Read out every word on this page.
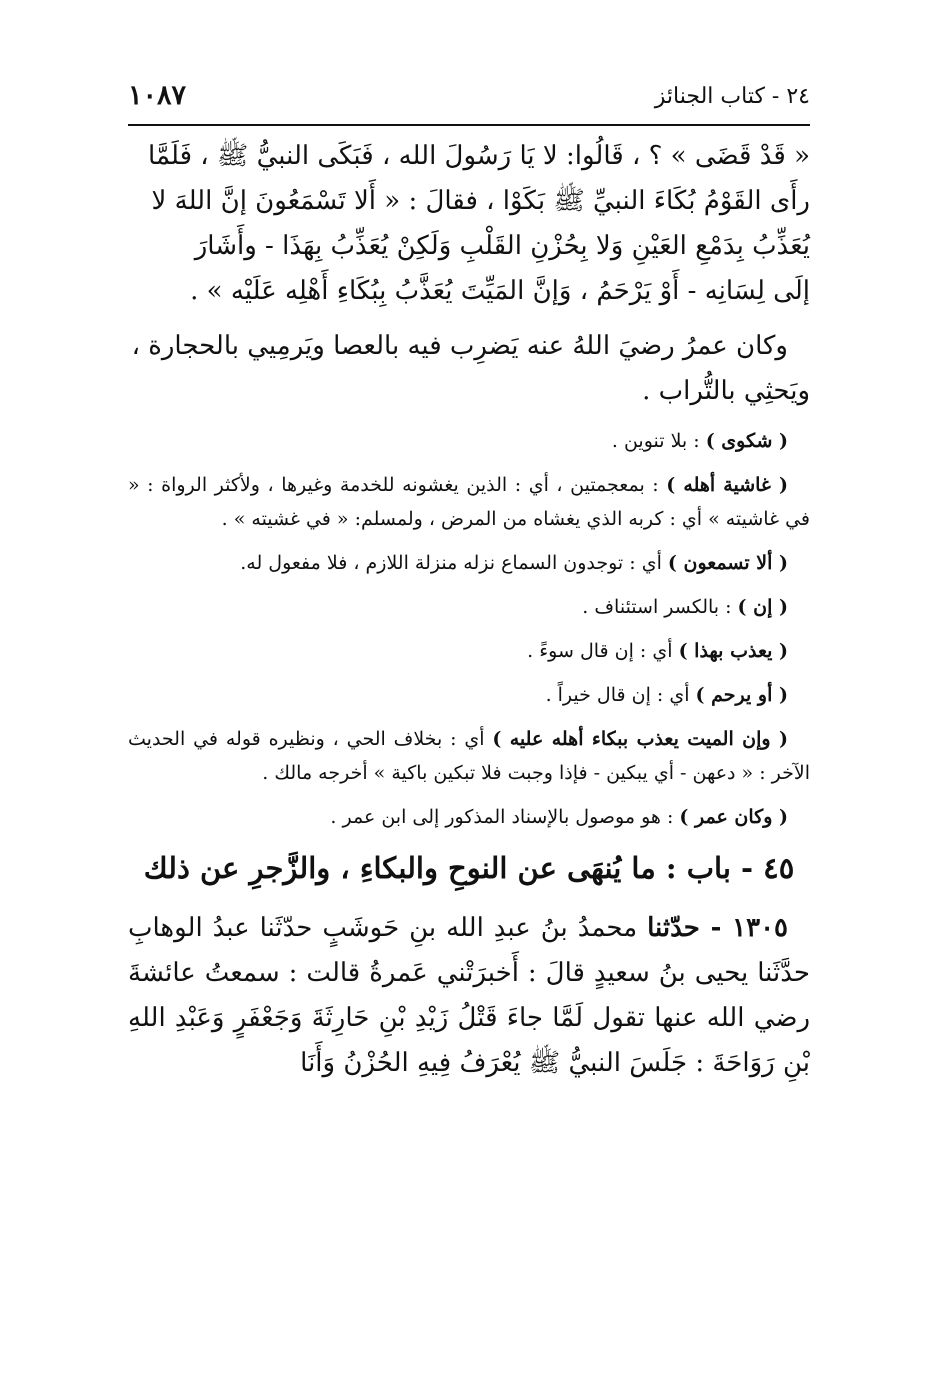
٢٤ - كتاب الجنائز
١٠٨٧

« قَدْ قَضَى » ؟ ، قَالُوا: لا يَا رَسُولَ الله ، فَبَكَى النبيُّ ﷺ ، فَلَمَّا

رأَى القَوْمُ بُكَاءَ النبيِّ ﷺ بَكَوْا ، فقالَ : « أَلا تَسْمَعُونَ إنَّ اللهَ لا

يُعَذِّبُ بِدَمْعِ العَيْنِ وَلا بِحُزْنِ القَلْبِ وَلَكِنْ يُعَذِّبُ بِهَذَا - وأَشَارَ

إلَى لِسَانِه - أَوْ يَرْحَمُ ، وَإنَّ المَيِّتَ يُعَذَّبُ بِبُكَاءِ أَهْلِه عَلَيْه » .

وكان عمرُ رضيَ اللهُ عنه يَضرِب فيه بالعصا ويَرمِيي بالحجارة ،

ويَحثِي بالتُّراب .

( شكوى ) : بلا تنوين .

( غاشية أهله ) : بمعجمتين ، أي : الذين يغشونه للخدمة وغيرها ، ولأكثر الرواة : « في غاشيته » أي : كربه الذي يغشاه من المرض ، ولمسلم: « في غشيته » .

( ألا تسمعون ) أي : توجدون السماع نزله منزلة اللازم ، فلا مفعول له.

( إن ) : بالكسر استئناف .

( يعذب بهذا ) أي : إن قال سوءً .

( أو يرحم ) أي : إن قال خيراً .

( وإن الميت يعذب ببكاء أهله عليه ) أي : بخلاف الحي ، ونظيره قوله في الحديث الآخر : « دعهن - أي يبكين - فإذا وجبت فلا تبكين باكية » أخرجه مالك .

( وكان عمر ) : هو موصول بالإسناد المذكور إلى ابن عمر .

٤٥ - باب : ما يُنهَى عن النوحِ والبكاءِ ، والزَّجرِ عن ذلك

١٣٠٥ - حدّثنا محمدُ بنُ عبدِ الله بنِ حَوشَبٍ حدّثَنا عبدُ الوهابِ حدَّثَنا يحيى بنُ سعيدٍ قالَ : أَخبرَتْني عَمرةُ قالت : سمعتُ عائشةَ رضي الله عنها تقول لَمَّا جاءَ قَتْلُ زَيْدِ بْنِ حَارِثَةَ وَجَعْفَرٍ وَعَبْدِ اللهِ بْنِ رَوَاحَةَ : جَلَسَ النبيُّ ﷺ يُعْرَفُ فِيهِ الحُزْنُ وَأَنَا
